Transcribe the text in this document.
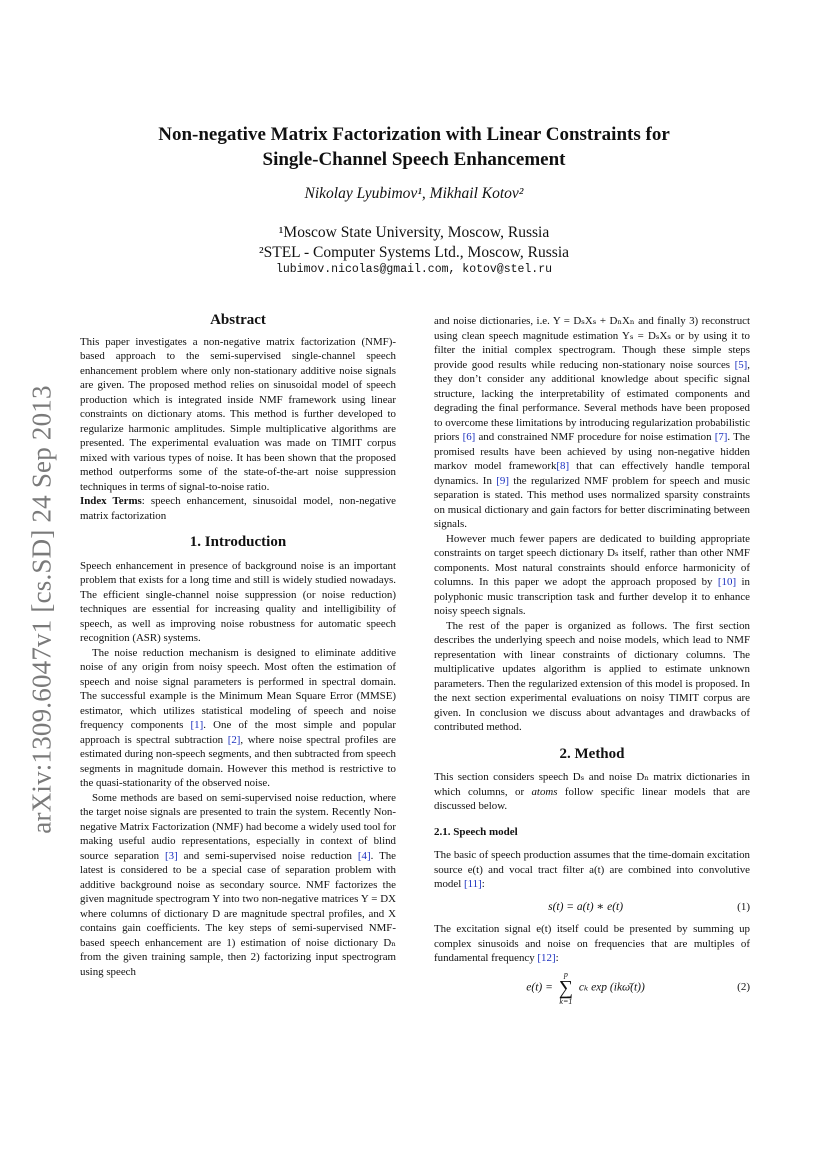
arXiv:1309.6047v1 [cs.SD] 24 Sep 2013
Non-negative Matrix Factorization with Linear Constraints for
Single-Channel Speech Enhancement
Nikolay Lyubimov¹, Mikhail Kotov²
¹Moscow State University, Moscow, Russia
²STEL - Computer Systems Ltd., Moscow, Russia
lubimov.nicolas@gmail.com, kotov@stel.ru
Abstract

This paper investigates a non-negative matrix factorization (NMF)-based approach to the semi-supervised single-channel speech enhancement problem where only non-stationary additive noise signals are given. The proposed method relies on sinusoidal model of speech production which is integrated inside NMF framework using linear constraints on dictionary atoms. This method is further developed to regularize harmonic amplitudes. Simple multiplicative algorithms are presented. The experimental evaluation was made on TIMIT corpus mixed with various types of noise. It has been shown that the proposed method outperforms some of the state-of-the-art noise suppression techniques in terms of signal-to-noise ratio.

Index Terms: speech enhancement, sinusoidal model, non-negative matrix factorization

1. Introduction

Speech enhancement in presence of background noise is an important problem that exists for a long time and still is widely studied nowadays. The efficient single-channel noise suppression (or noise reduction) techniques are essential for increasing quality and intelligibility of speech, as well as improving noise robustness for automatic speech recognition (ASR) systems.

The noise reduction mechanism is designed to eliminate additive noise of any origin from noisy speech. Most often the estimation of speech and noise signal parameters is performed in spectral domain. The successful example is the Minimum Mean Square Error (MMSE) estimator, which utilizes statistical modeling of speech and noise frequency components [1]. One of the most simple and popular approach is spectral subtraction [2], where noise spectral profiles are estimated during non-speech segments, and then subtracted from speech segments in magnitude domain. However this method is restrictive to the quasi-stationarity of the observed noise.

Some methods are based on semi-supervised noise reduction, where the target noise signals are presented to train the system. Recently Non-negative Matrix Factorization (NMF) had become a widely used tool for making useful audio representations, especially in context of blind source separation [3] and semi-supervised noise reduction [4]. The latest is considered to be a special case of separation problem with additive background noise as secondary source. NMF factorizes the given magnitude spectrogram Y into two non-negative matrices Y = DX where columns of dictionary D are magnitude spectral profiles, and X contains gain coefficients. The key steps of semi-supervised NMF-based speech enhancement are 1) estimation of noise dictionary Dₙ from the given training sample, then 2) factorizing input spectrogram using speech

and noise dictionaries, i.e. Y = DₛXₛ + DₙXₙ and finally 3) reconstruct using clean speech magnitude estimation Yₛ = DₛXₛ or by using it to filter the initial complex spectrogram. Though these simple steps provide good results while reducing non-stationary noise sources [5], they don’t consider any additional knowledge about specific signal structure, lacking the interpretability of estimated components and degrading the final performance. Several methods have been proposed to overcome these limitations by introducing regularization probabilistic priors [6] and constrained NMF procedure for noise estimation [7]. The promised results have been achieved by using non-negative hidden markov model framework[8] that can effectively handle temporal dynamics. In [9] the regularized NMF problem for speech and music separation is stated. This method uses normalized sparsity constraints on musical dictionary and gain factors for better discriminating between signals.

However much fewer papers are dedicated to building appropriate constraints on target speech dictionary Dₛ itself, rather than other NMF components. Most natural constraints should enforce harmonicity of columns. In this paper we adopt the approach proposed by [10] in polyphonic music transcription task and further develop it to enhance noisy speech signals.

The rest of the paper is organized as follows. The first section describes the underlying speech and noise models, which lead to NMF representation with linear constraints of dictionary columns. The multiplicative updates algorithm is applied to estimate unknown parameters. Then the regularized extension of this model is proposed. In the next section experimental evaluations on noisy TIMIT corpus are given. In conclusion we discuss about advantages and drawbacks of contributed method.

2. Method

This section considers speech Dₛ and noise Dₙ matrix dictionaries in which columns, or atoms follow specific linear models that are discussed below.

2.1. Speech model

The basic of speech production assumes that the time-domain excitation source e(t) and vocal tract filter a(t) are combined into convolutive model [11]:

s(t) = a(t) ∗ e(t)	(1)

The excitation signal e(t) itself could be presented by summing up complex sinusoids and noise on frequencies that are multiples of fundamental frequency [12]:

e(t) =
p
∑
k=1
cₖ exp (ikω̄(t))	(2)
